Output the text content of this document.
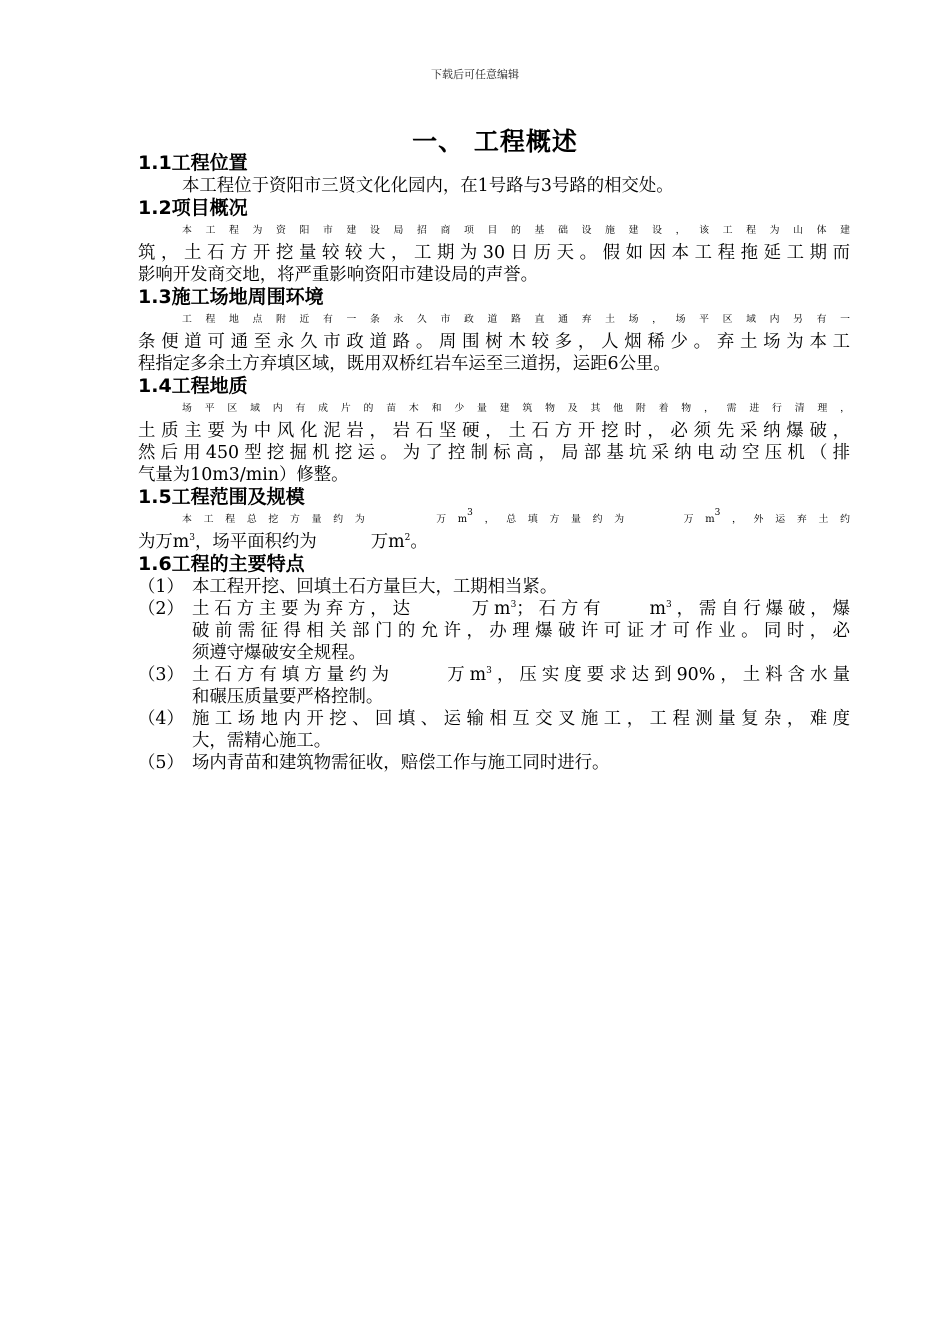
下载后可任意编辑
一、 工程概述
1.1工程位置
本工程位于资阳市三贤文化化园内，在1号路与3号路的相交处。
1.2项目概况
本工程为资阳市建设局招商项目的基础设施建设，该工程为山体建
筑，土石方开挖量较较大，工期为30日历天。假如因本工程拖延工期而
影响开发商交地，将严重影响资阳市建设局的声誉。
1.3施工场地周围环境
工程地点附近有一条永久市政道路直通弃土场，场平区域内另有一
条便道可通至永久市政道路。周围树木较多，人烟稀少。弃土场为本工
程指定多余土方弃填区域，既用双桥红岩车运至三道拐，运距6公里。
1.4工程地质
场平区域内有成片的苗木和少量建筑物及其他附着物，需进行清理，
土质主要为中风化泥岩，岩石坚硬，土石方开挖时，必须先采纳爆破，
然后用450型挖掘机挖运。为了控制标高，局部基坑采纳电动空压机（排
气量为10m3/min）修整。
1.5工程范围及规模
本工程总挖方量约为	万$m^3$，总填方量约为	万$m^3$，外运弃土约
为万$m^3$，场平面积约为	万$m^2$。
1.6工程的主要特点
（1） 本工程开挖、回填土石方量巨大，工期相当紧。
（2） 土石方主要为弃方，达	万$m^3$；石方有	$m^3$，需自行爆破，爆
破前需征得相关部门的允许，办理爆破许可证才可作业。同时，必
须遵守爆破安全规程。
（3） 土石方有填方量约为	万$m^3$，压实度要求达到90%，土料含水量
和碾压质量要严格控制。
（4） 施工场地内开挖、回填、运输相互交叉施工，工程测量复杂，难度
大，需精心施工。
（5） 场内青苗和建筑物需征收，赔偿工作与施工同时进行。
